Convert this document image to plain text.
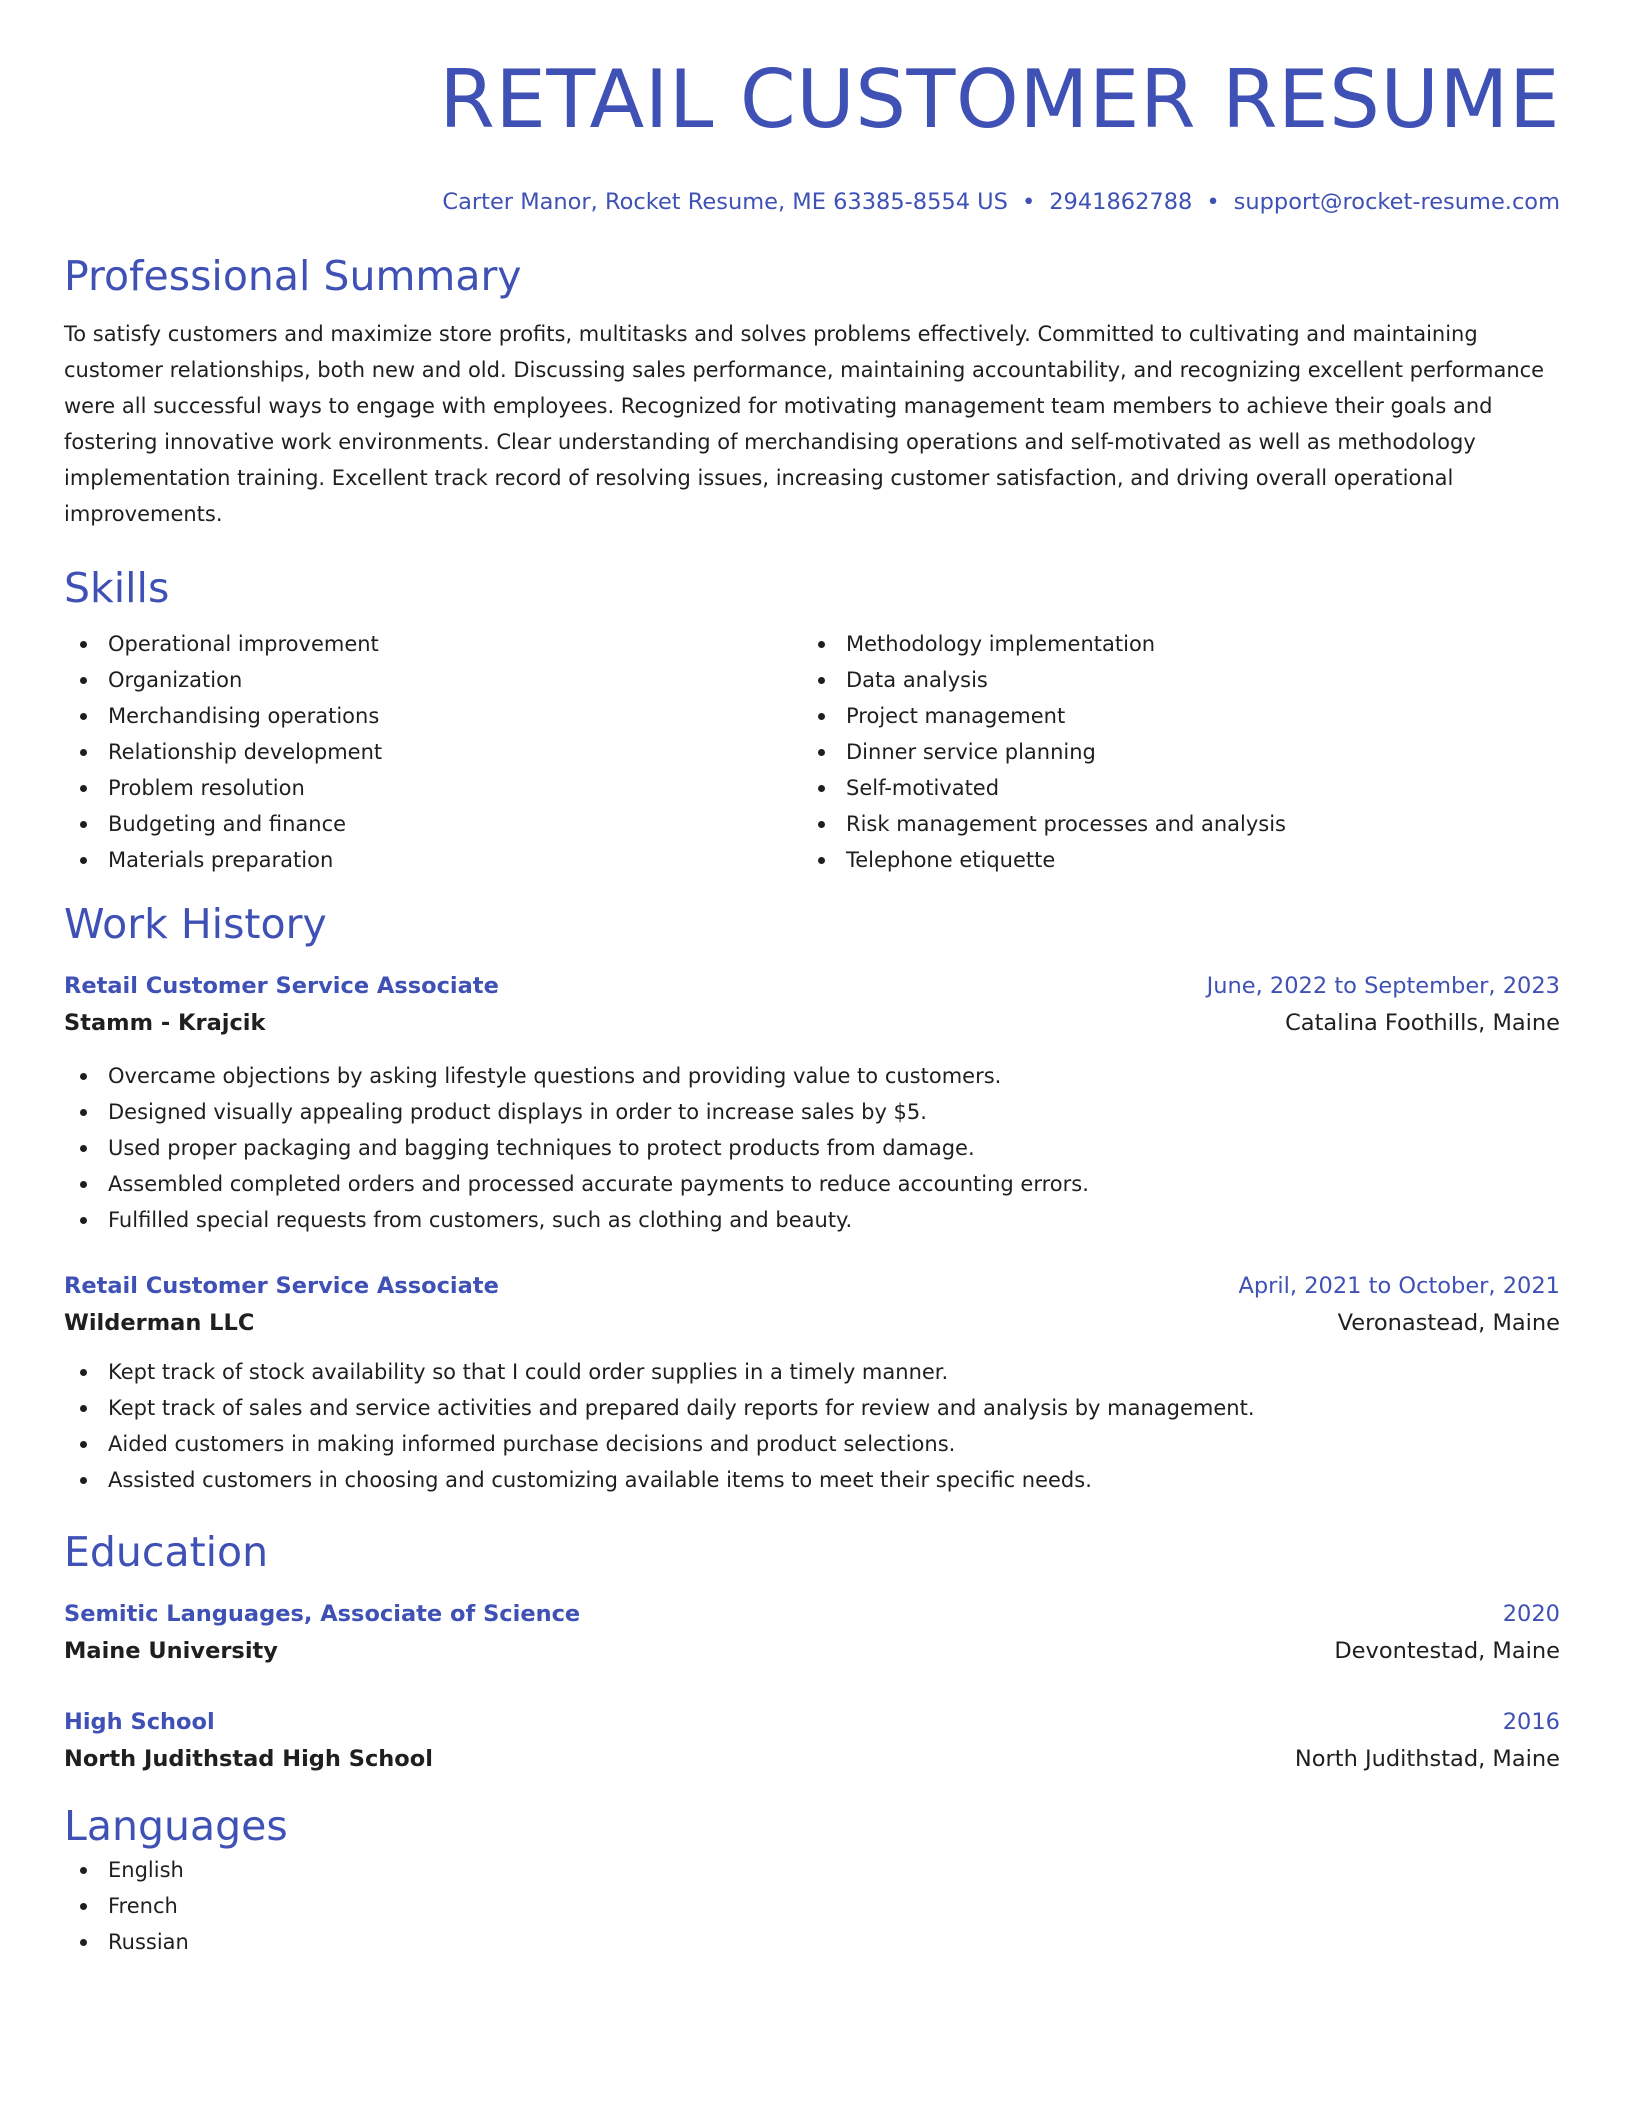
RETAIL CUSTOMER RESUME
Carter Manor, Rocket Resume, ME 63385-8554 US • 2941862788 • support@rocket-resume.com
Professional Summary

To satisfy customers and maximize store profits, multitasks and solves problems effectively. Committed to cultivating and maintaining customer relationships, both new and old. Discussing sales performance, maintaining accountability, and recognizing excellent performance were all successful ways to engage with employees. Recognized for motivating management team members to achieve their goals and fostering innovative work environments. Clear understanding of merchandising operations and self-motivated as well as methodology implementation training. Excellent track record of resolving issues, increasing customer satisfaction, and driving overall operational improvements.

Skills
Operational improvement
Organization
Merchandising operations
Relationship development
Problem resolution
Budgeting and finance
Materials preparation
Methodology implementation
Data analysis
Project management
Dinner service planning
Self-motivated
Risk management processes and analysis
Telephone etiquette
Work History
Retail Customer Service Associate	June, 2022 to September, 2023
Stamm - Krajcik	Catalina Foothills, Maine
Overcame objections by asking lifestyle questions and providing value to customers.
Designed visually appealing product displays in order to increase sales by $5.
Used proper packaging and bagging techniques to protect products from damage.
Assembled completed orders and processed accurate payments to reduce accounting errors.
Fulfilled special requests from customers, such as clothing and beauty.
Retail Customer Service Associate	April, 2021 to October, 2021
Wilderman LLC	Veronastead, Maine
Kept track of stock availability so that I could order supplies in a timely manner.
Kept track of sales and service activities and prepared daily reports for review and analysis by management.
Aided customers in making informed purchase decisions and product selections.
Assisted customers in choosing and customizing available items to meet their specific needs.
Education
Semitic Languages, Associate of Science	2020
Maine University	Devontestad, Maine
High School	2016
North Judithstad High School	North Judithstad, Maine
Languages
English
French
Russian
